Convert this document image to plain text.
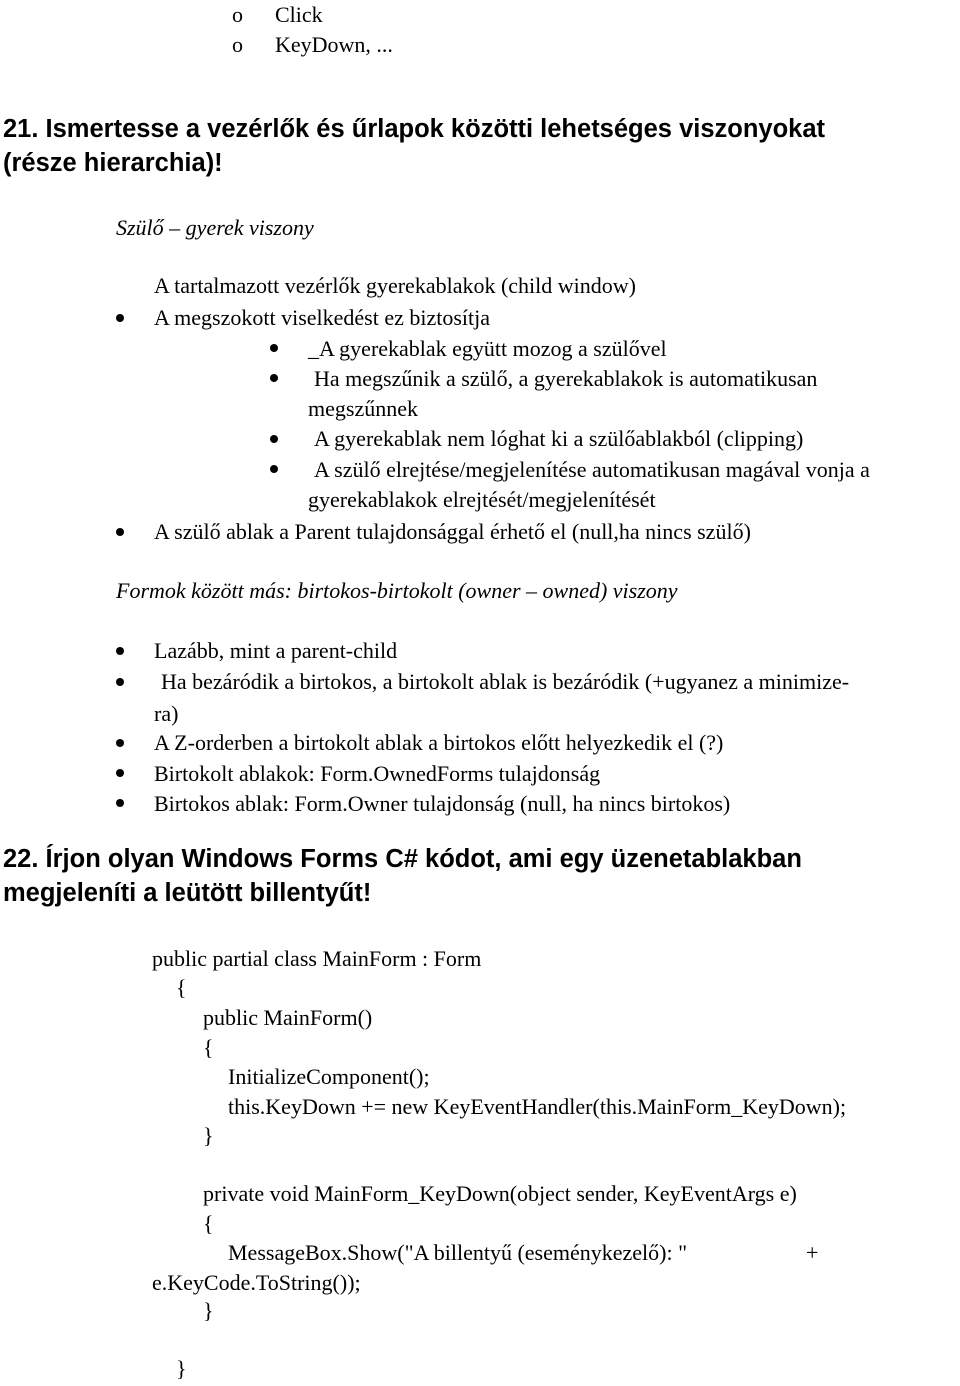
o Click
o KeyDown, ...
21. Ismertesse a vezérlők és űrlapok közötti lehetséges viszonyokat
(része hierarchia)!
Szülő – gyerek viszony
A tartalmazott vezérlők gyerekablakok (child window)
A megszokott viselkedést ez biztosítja
_A gyerekablak együtt mozog a szülővel
Ha megszűnik a szülő, a gyerekablakok is automatikusan
megszűnnek
A gyerekablak nem lóghat ki a szülőablakból (clipping)
A szülő elrejtése/megjelenítése automatikusan magával vonja a
gyerekablakok elrejtését/megjelenítését
A szülő ablak a Parent tulajdonsággal érhető el (null,ha nincs szülő)
Formok között más: birtokos-birtokolt (owner – owned) viszony
Lazább, mint a parent-child
Ha bezáródik a birtokos, a birtokolt ablak is bezáródik (+ugyanez a minimize-
ra)
A Z-orderben a birtokolt ablak a birtokos előtt helyezkedik el (?)
Birtokolt ablakok: Form.OwnedForms tulajdonság
Birtokos ablak: Form.Owner tulajdonság (null, ha nincs birtokos)
22. Írjon olyan Windows Forms C# kódot, ami egy üzenetablakban
megjeleníti a leütött billentyűt!
public partial class MainForm : Form
{
public MainForm()
{
InitializeComponent();
this.KeyDown += new KeyEventHandler(this.MainForm_KeyDown);
}
private void MainForm_KeyDown(object sender, KeyEventArgs e)
{
MessageBox.Show("A billentyű (eseménykezelő): "	+
e.KeyCode.ToString());
}
}
